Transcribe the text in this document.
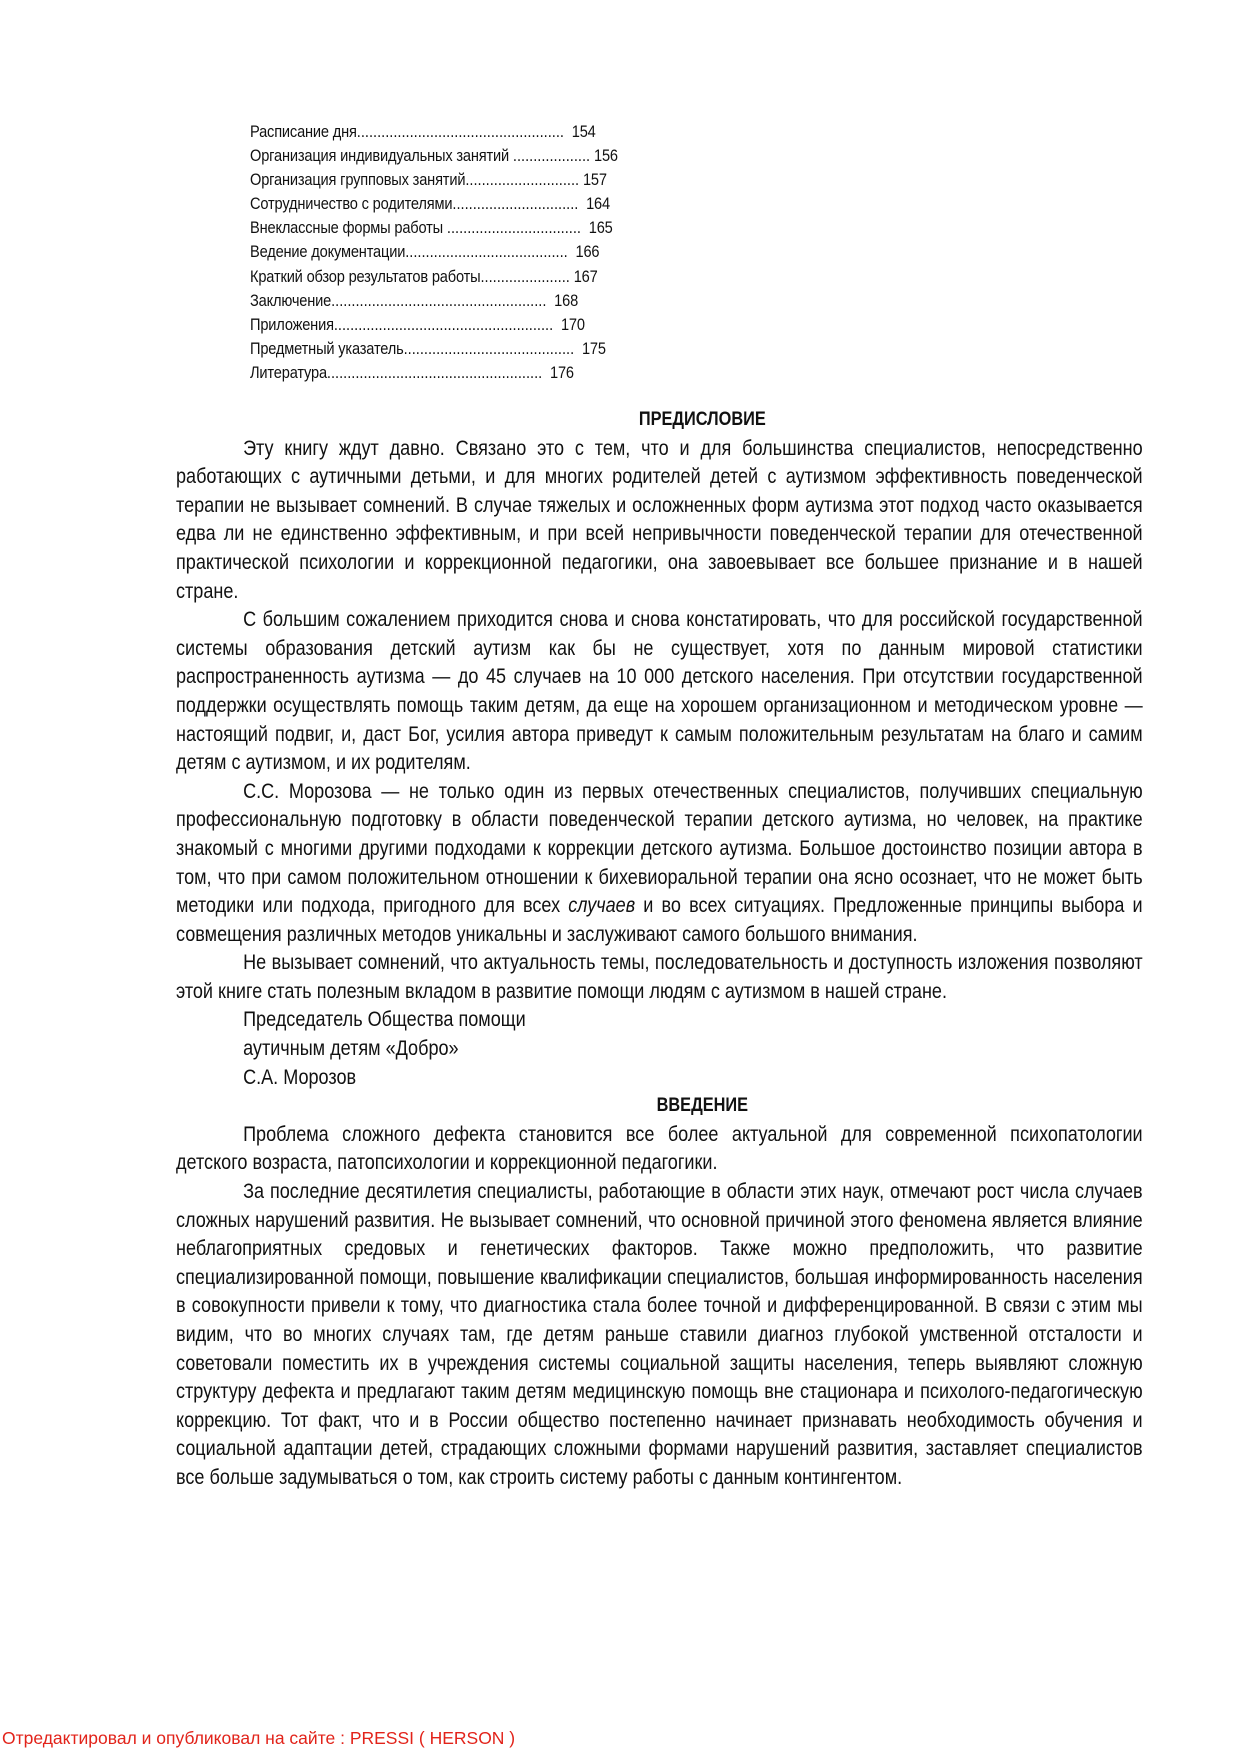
Расписание дня................................................... 154
Организация индивидуальных занятий ................... 156
Организация групповых занятий............................ 157
Сотрудничество с родителями............................... 164
Внеклассные формы работы ................................. 165
Ведение документации........................................ 166
Краткий обзор результатов работы...................... 167
Заключение..................................................... 168
Приложения...................................................... 170
Предметный указатель.......................................... 175
Литература..................................................... 176
ПРЕДИСЛОВИЕ

Эту книгу ждут давно. Связано это с тем, что и для большинства специалистов, непосредственно работающих с аутичными детьми, и для многих родителей детей с аутизмом эффективность поведенческой терапии не вызывает сомнений. В случае тяжелых и осложненных форм аутизма этот подход часто оказывается едва ли не единственно эффективным, и при всей непривычности поведенческой терапии для отечественной практической психологии и коррекционной педагогики, она завоевывает все большее признание и в нашей стране.

С большим сожалением приходится снова и снова констатировать, что для российской государственной системы образования детский аутизм как бы не существует, хотя по данным мировой статистики распространенность аутизма — до 45 случаев на 10 000 детского населения. При отсутствии государственной поддержки осуществлять помощь таким детям, да еще на хорошем организационном и методическом уровне — настоящий подвиг, и, даст Бог, усилия автора приведут к самым положительным результатам на благо и самим детям с аутизмом, и их родителям.

С.С. Морозова — не только один из первых отечественных специалистов, получивших специальную профессиональную подготовку в области поведенческой терапии детского аутизма, но человек, на практике знакомый с многими другими подходами к коррекции детского аутизма. Большое достоинство позиции автора в том, что при самом положительном отношении к бихевиоральной терапии она ясно осознает, что не может быть методики или подхода, пригодного для всех случаев и во всех ситуациях. Предложенные принципы выбора и совмещения различных методов уникальны и заслуживают самого большого внимания.

Не вызывает сомнений, что актуальность темы, последовательность и доступность изложения позволяют этой книге стать полезным вкладом в развитие помощи людям с аутизмом в нашей стране.

Председатель Общества помощи

аутичным детям «Добро»

С.А. Морозов

ВВЕДЕНИЕ

Проблема сложного дефекта становится все более актуальной для современной психопатологии детского возраста, патопсихологии и коррекционной педагогики.

За последние десятилетия специалисты, работающие в области этих наук, отмечают рост числа случаев сложных нарушений развития. Не вызывает сомнений, что основной причиной этого феномена является влияние неблагоприятных средовых и генетических факторов. Также можно предположить, что развитие специализированной помощи, повышение квалификации специалистов, большая информированность населения в совокупности привели к тому, что диагностика стала более точной и дифференцированной. В связи с этим мы видим, что во многих случаях там, где детям раньше ставили диагноз глубокой умственной отсталости и советовали поместить их в учреждения системы социальной защиты населения, теперь выявляют сложную структуру дефекта и предлагают таким детям медицинскую помощь вне стационара и психолого-педагогическую коррекцию. Тот факт, что и в России общество постепенно начинает признавать необходимость обучения и социальной адаптации детей, страдающих сложными формами нарушений развития, заставляет специалистов все больше задумываться о том, как строить систему работы с данным контингентом.

Отредактировал и опубликовал на сайте : PRESSI ( HERSON )
